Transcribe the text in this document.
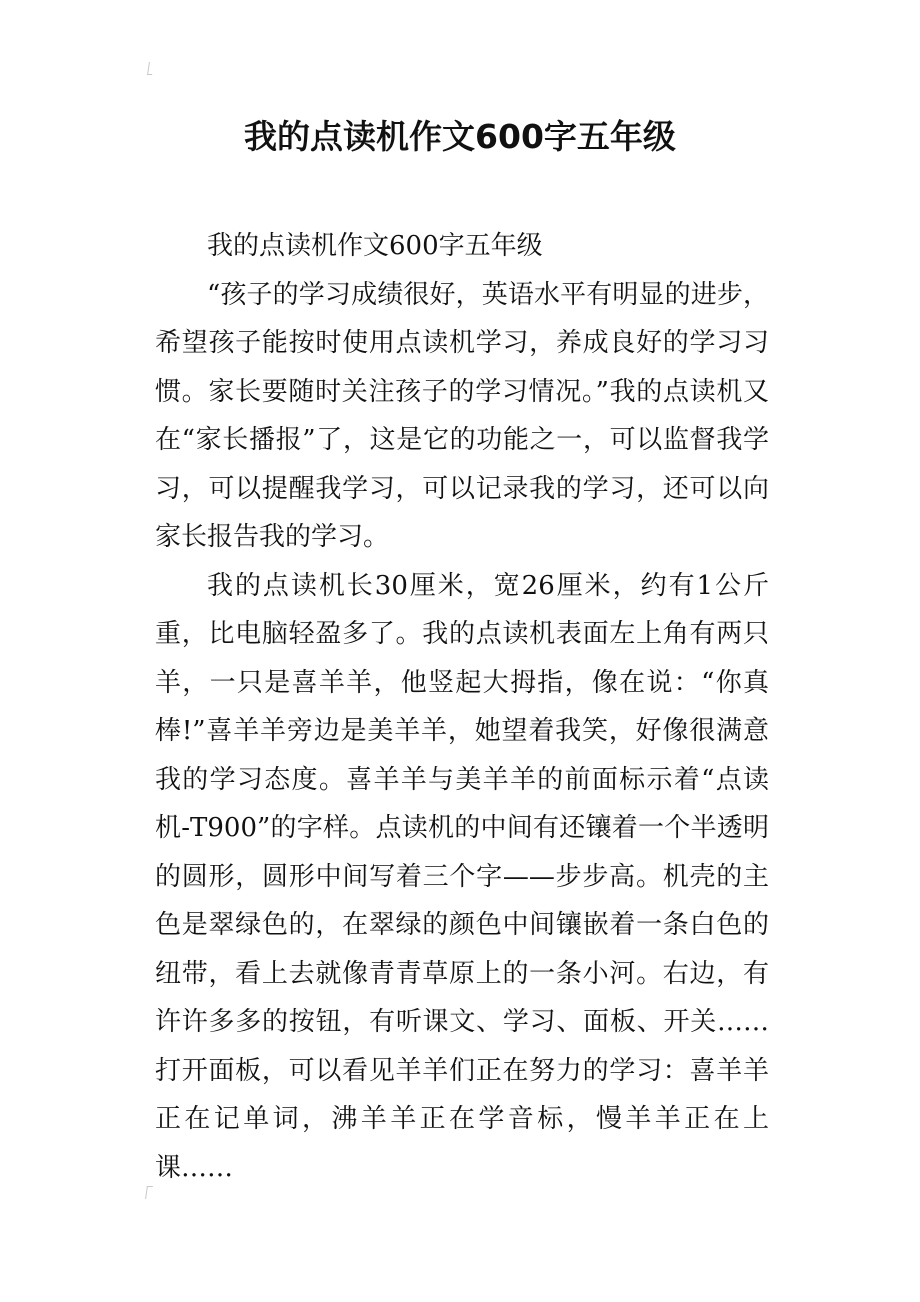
我的点读机作文600字五年级

我的点读机作文600字五年级

“孩子的学习成绩很好，英语水平有明显的进步，希望孩子能按时使用点读机学习，养成良好的学习习惯。家长要随时关注孩子的学习情况。”我的点读机又在“家长播报”了，这是它的功能之一，可以监督我学习，可以提醒我学习，可以记录我的学习，还可以向家长报告我的学习。

我的点读机长30厘米，宽26厘米，约有1公斤重，比电脑轻盈多了。我的点读机表面左上角有两只羊，一只是喜羊羊，他竖起大拇指，像在说：“你真棒!”喜羊羊旁边是美羊羊，她望着我笑，好像很满意我的学习态度。喜羊羊与美羊羊的前面标示着“点读机-T900”的字样。点读机的中间有还镶着一个半透明的圆形，圆形中间写着三个字——步步高。机壳的主色是翠绿色的，在翠绿的颜色中间镶嵌着一条白色的纽带，看上去就像青青草原上的一条小河。右边，有许许多多的按钮，有听课文、学习、面板、开关……打开面板，可以看见羊羊们正在努力的学习：喜羊羊正在记单词，沸羊羊正在学音标，慢羊羊正在上课……
